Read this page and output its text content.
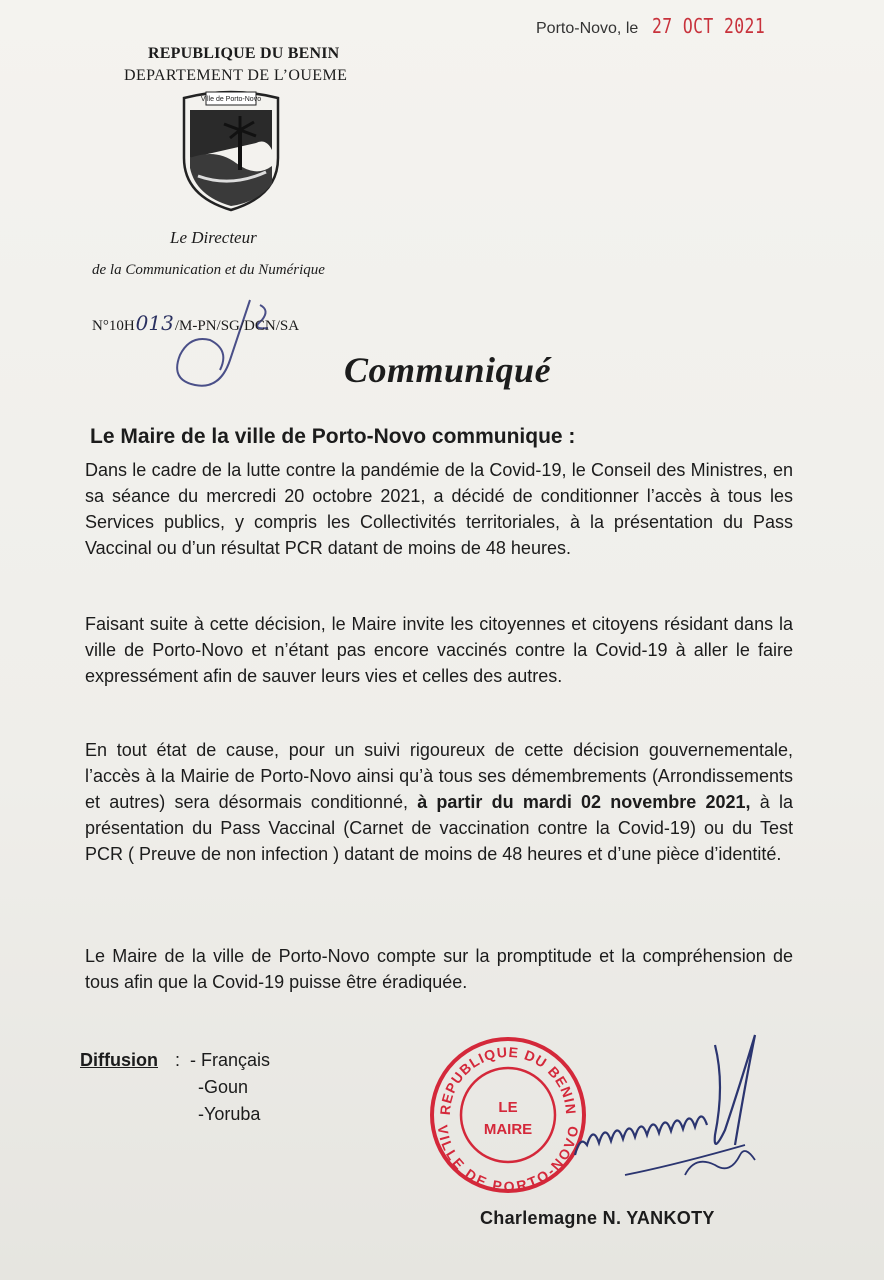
Porto-Novo, le 27 OCT 2021
REPUBLIQUE DU BENIN
DEPARTEMENT DE L’OUEME
Ville de Porto-Novo
Le Directeur
de la Communication et du Numérique
N°10H013/M-PN/SG/DCN/SA
Communiqué
Le Maire de la ville de Porto-Novo communique :
Dans le cadre de la lutte contre la pandémie de la Covid-19, le Conseil des Ministres, en sa séance du mercredi 20 octobre 2021, a décidé de conditionner l’accès à tous les Services publics, y compris les Collectivités territoriales, à la présentation du Pass Vaccinal ou d’un résultat PCR datant de moins de 48 heures.
Faisant suite à cette décision, le Maire invite les citoyennes et citoyens résidant dans la ville de Porto-Novo et n’étant pas encore vaccinés contre la Covid-19 à aller le faire expressément afin de sauver leurs vies et celles des autres.
En tout état de cause, pour un suivi rigoureux de cette décision gouvernementale, l’accès à la Mairie de Porto-Novo ainsi qu’à tous ses démembrements (Arrondissements et autres) sera désormais conditionné, à partir du mardi 02 novembre 2021, à la présentation du Pass Vaccinal (Carnet de vaccination contre la Covid-19) ou du Test PCR ( Preuve de non infection ) datant de moins de 48 heures et d’une pièce d’identité.
Le Maire de la ville de Porto-Novo compte sur la promptitude et la compréhension de tous afin que la Covid-19 puisse être éradiquée.
Diffusion : - Français
-Goun
-Yoruba	REPUBLIQUE DU BENIN
VILLE DE PORTO-NOVO
LE
MAIRE
Charlemagne N. YANKOTY
